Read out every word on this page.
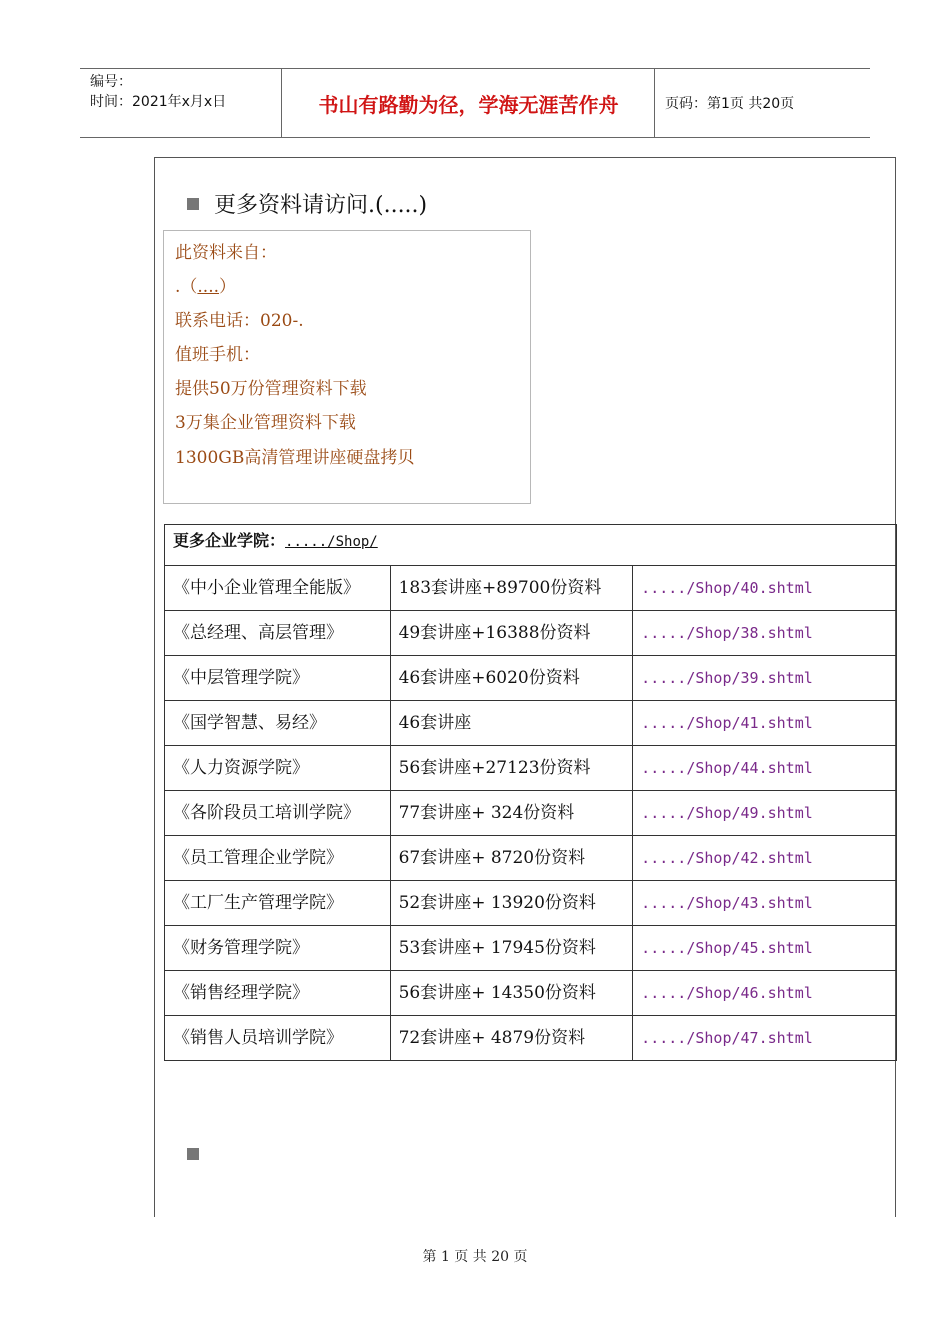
编号：
时间：2021年x月x日	书山有路勤为径，学海无涯苦作舟	页码：第1页 共20页
更多资料请访问.(.....)
此资料来自：
.（....）
联系电话：020-.
值班手机：
提供50万份管理资料下载
3万集企业管理资料下载
1300GB高清管理讲座硬盘拷贝
更多企业学院：...../Shop/		
《中小企业管理全能版》	183套讲座+89700份资料	...../Shop/40.shtml
《总经理、高层管理》	49套讲座+16388份资料	...../Shop/38.shtml
《中层管理学院》	46套讲座+6020份资料	...../Shop/39.shtml
《国学智慧、易经》	46套讲座	...../Shop/41.shtml
《人力资源学院》	56套讲座+27123份资料	...../Shop/44.shtml
《各阶段员工培训学院》	77套讲座+ 324份资料	...../Shop/49.shtml
《员工管理企业学院》	67套讲座+ 8720份资料	...../Shop/42.shtml
《工厂生产管理学院》	52套讲座+ 13920份资料	...../Shop/43.shtml
《财务管理学院》	53套讲座+ 17945份资料	...../Shop/45.shtml
《销售经理学院》	56套讲座+ 14350份资料	...../Shop/46.shtml
《销售人员培训学院》	72套讲座+ 4879份资料	...../Shop/47.shtml
第 1 页 共 20 页
